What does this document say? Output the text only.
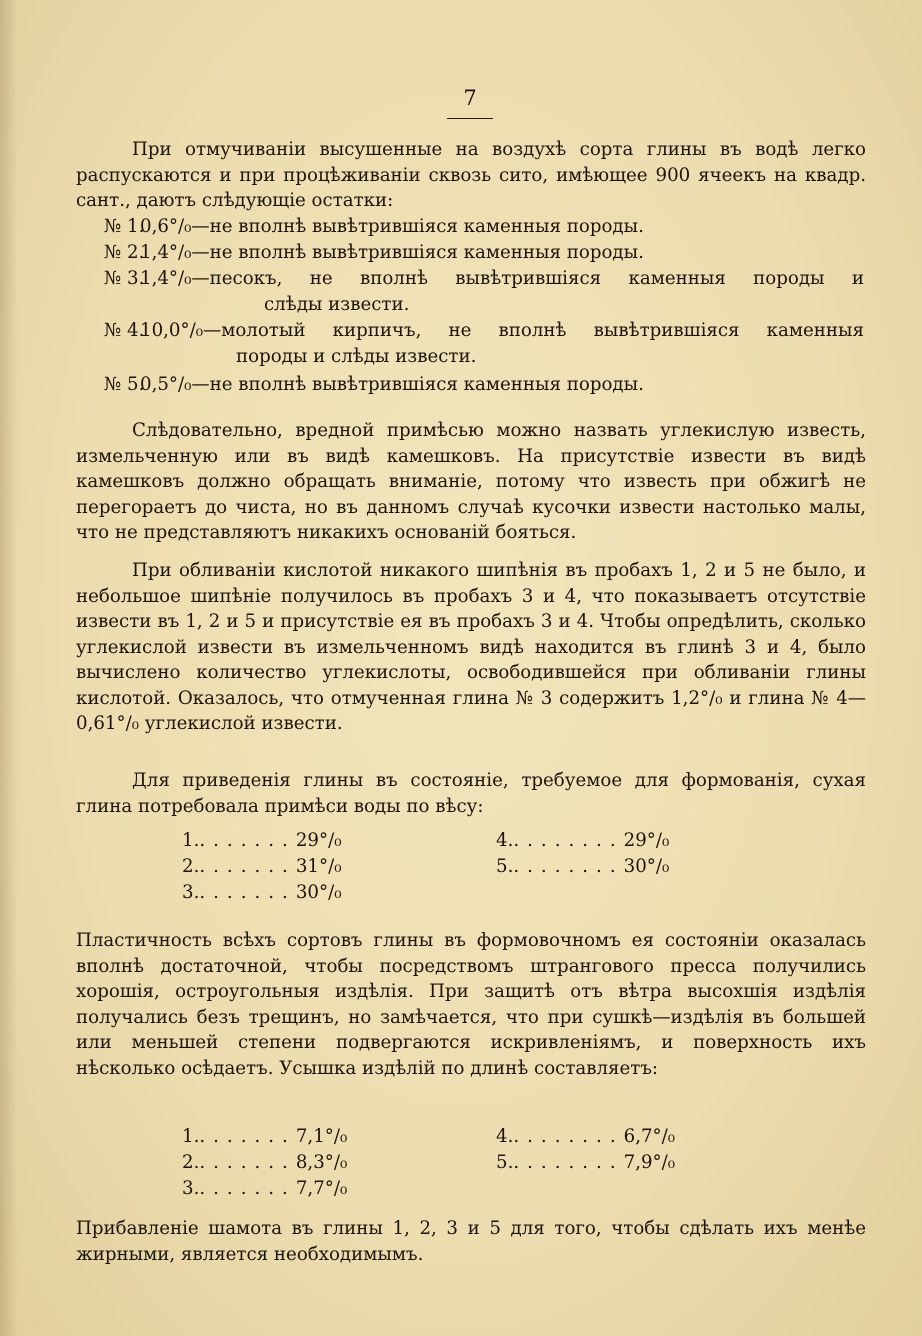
7

При отмучиваніи высушенные на воздухѣ сорта глины въ водѣ легко распускаются и при процѣживаніи сквозь сито, имѣющее 900 ячеекъ на квадр. сант., даютъ слѣдующіе остатки:

№ 1.
0,6°/₀—не вполнѣ вывѣтрившіяся каменныя породы.
№ 2.
1,4°/₀—не вполнѣ вывѣтрившіяся каменныя породы.
№ 3.
1,4°/₀—песокъ, не вполнѣ вывѣтрившіяся каменныя породы и
слѣды извести.
№ 4.
10,0°/₀—молотый кирпичъ, не вполнѣ вывѣтрившіяся каменныя
породы и слѣды извести.
№ 5.
0,5°/₀—не вполнѣ вывѣтрившіяся каменныя породы.

Слѣдовательно, вредной примѣсью можно назвать углекислую известь, измельченную или въ видѣ камешковъ. На присутствіе извести въ видѣ камешковъ должно обращать вниманіе, потому что известь при обжигѣ не перегораетъ до чиста, но въ данномъ случаѣ кусочки извести настолько малы, что не представляютъ никакихъ основаній бояться.

При обливаніи кислотой никакого шипѣнія въ пробахъ 1, 2 и 5 не было, и небольшое шипѣніе получилось въ пробахъ 3 и 4, что показываетъ отсутствіе извести въ 1, 2 и 5 и присутствіе ея въ пробахъ 3 и 4. Чтобы опредѣлить, сколько углекислой извести въ измельченномъ видѣ находится въ глинѣ 3 и 4, было вычислено количество углекислоты, освободившейся при обливаніи глины кислотой. Оказалось, что отмученная глина № 3 содержитъ 1,2°/₀ и глина № 4—0,61°/₀ углекислой извести.

Для приведенія глины въ состояніе, требуемое для формованія, сухая глина потребовала примѣси воды по вѣсу:

1........29°/₀
2........31°/₀
3........30°/₀
4.........29°/₀
5.........30°/₀

Пластичность всѣхъ сортовъ глины въ формовочномъ ея состояніи оказалась вполнѣ достаточной, чтобы посредствомъ штрангового пресса получились хорошія, остроугольныя издѣлія. При защитѣ отъ вѣтра высохшія издѣлія получались безъ трещинъ, но замѣчается, что при сушкѣ—издѣлія въ большей или меньшей степени подвергаются искривленіямъ, и поверхность ихъ нѣсколько осѣдаетъ. Усышка издѣлій по длинѣ составляетъ:

1........7,1°/₀
2........8,3°/₀
3........7,7°/₀
4.........6,7°/₀
5.........7,9°/₀

Прибавленіе шамота въ глины 1, 2, 3 и 5 для того, чтобы сдѣлать ихъ менѣе жирными, является необходимымъ.
